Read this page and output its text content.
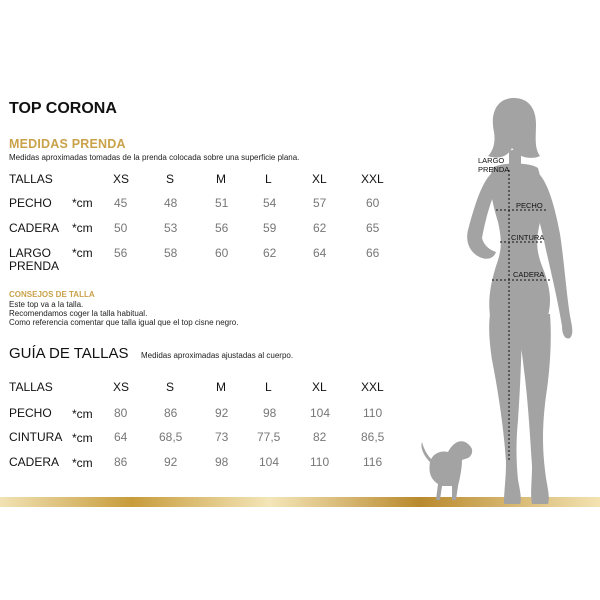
TOP CORONA
MEDIDAS PRENDA
Medidas aproximadas tomadas de la prenda colocada sobre una superficie plana.
TALLAS	XS	S	M	L	XL	XXL
PECHO *cm 45	48	51	54	57	60
CADERA *cm 50	53	56	59	62	65
LARGO
PRENDA
*cm 56	58	60	62	64	66
CONSEJOS DE TALLA
Este top va a la talla.
Recomendamos coger la talla habitual.
Como referencia comentar que talla igual que el top cisne negro.
GUÍA DE TALLAS Medidas aproximadas ajustadas al cuerpo.
TALLAS	XS	S	M	L	XL	XXL
PECHO *cm 80	86	92	98	104	110
CINTURA *cm 64	68,5	73 77,5	82	86,5
CADERA *cm 86	92	98	104	110	116
LARGO
PRENDA
PECHO
CINTURA
CADERA
